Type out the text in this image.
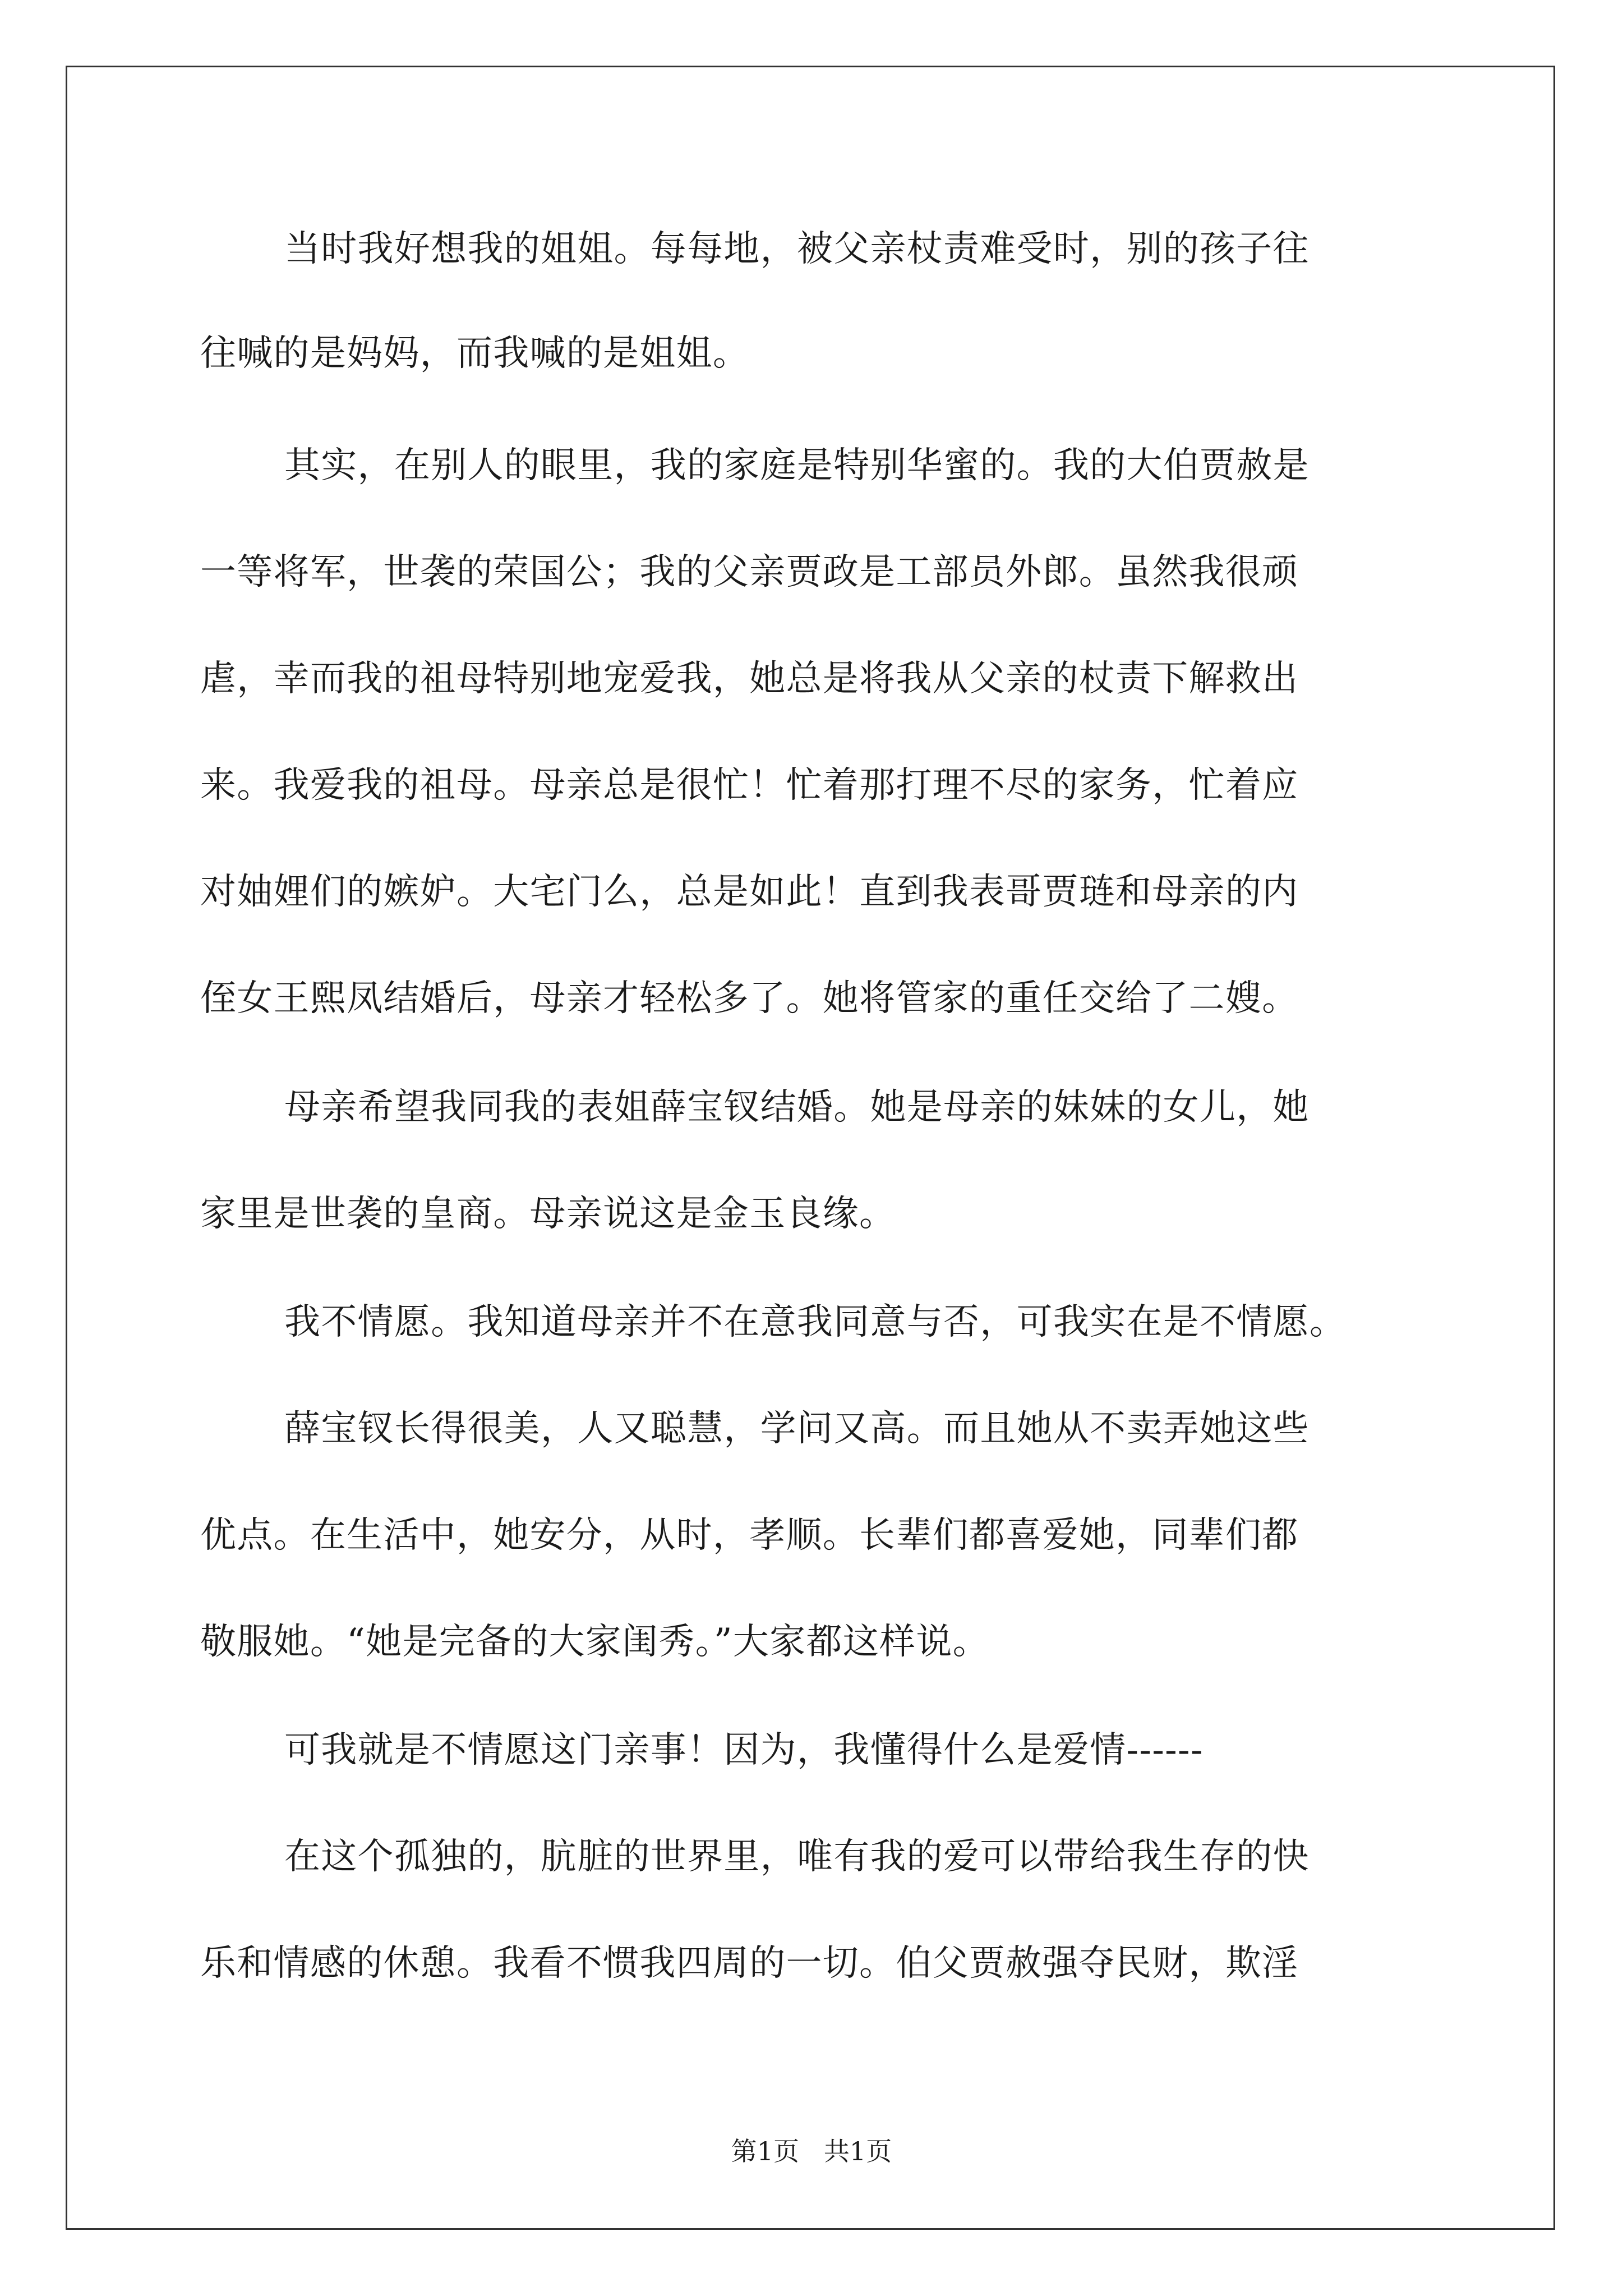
当时我好想我的姐姐。每每地，被父亲杖责难受时，别的孩子往
往喊的是妈妈，而我喊的是姐姐。
其实，在别人的眼里，我的家庭是特别华蜜的。我的大伯贾赦是
一等将军，世袭的荣国公；我的父亲贾政是工部员外郎。虽然我很顽
虐，幸而我的祖母特别地宠爱我，她总是将我从父亲的杖责下解救出
来。我爱我的祖母。母亲总是很忙！忙着那打理不尽的家务，忙着应
对妯娌们的嫉妒。大宅门么，总是如此！直到我表哥贾琏和母亲的内
侄女王熙凤结婚后，母亲才轻松多了。她将管家的重任交给了二嫂。
母亲希望我同我的表姐薛宝钗结婚。她是母亲的妹妹的女儿，她
家里是世袭的皇商。母亲说这是金玉良缘。
我不情愿。我知道母亲并不在意我同意与否，可我实在是不情愿。
薛宝钗长得很美，人又聪慧，学问又高。而且她从不卖弄她这些
优点。在生活中，她安分，从时，孝顺。长辈们都喜爱她，同辈们都
敬服她。“她是完备的大家闺秀。”大家都这样说。
可我就是不情愿这门亲事！因为，我懂得什么是爱情------
在这个孤独的，肮脏的世界里，唯有我的爱可以带给我生存的快
乐和情感的休憩。我看不惯我四周的一切。伯父贾赦强夺民财，欺淫
第1页   共1页
